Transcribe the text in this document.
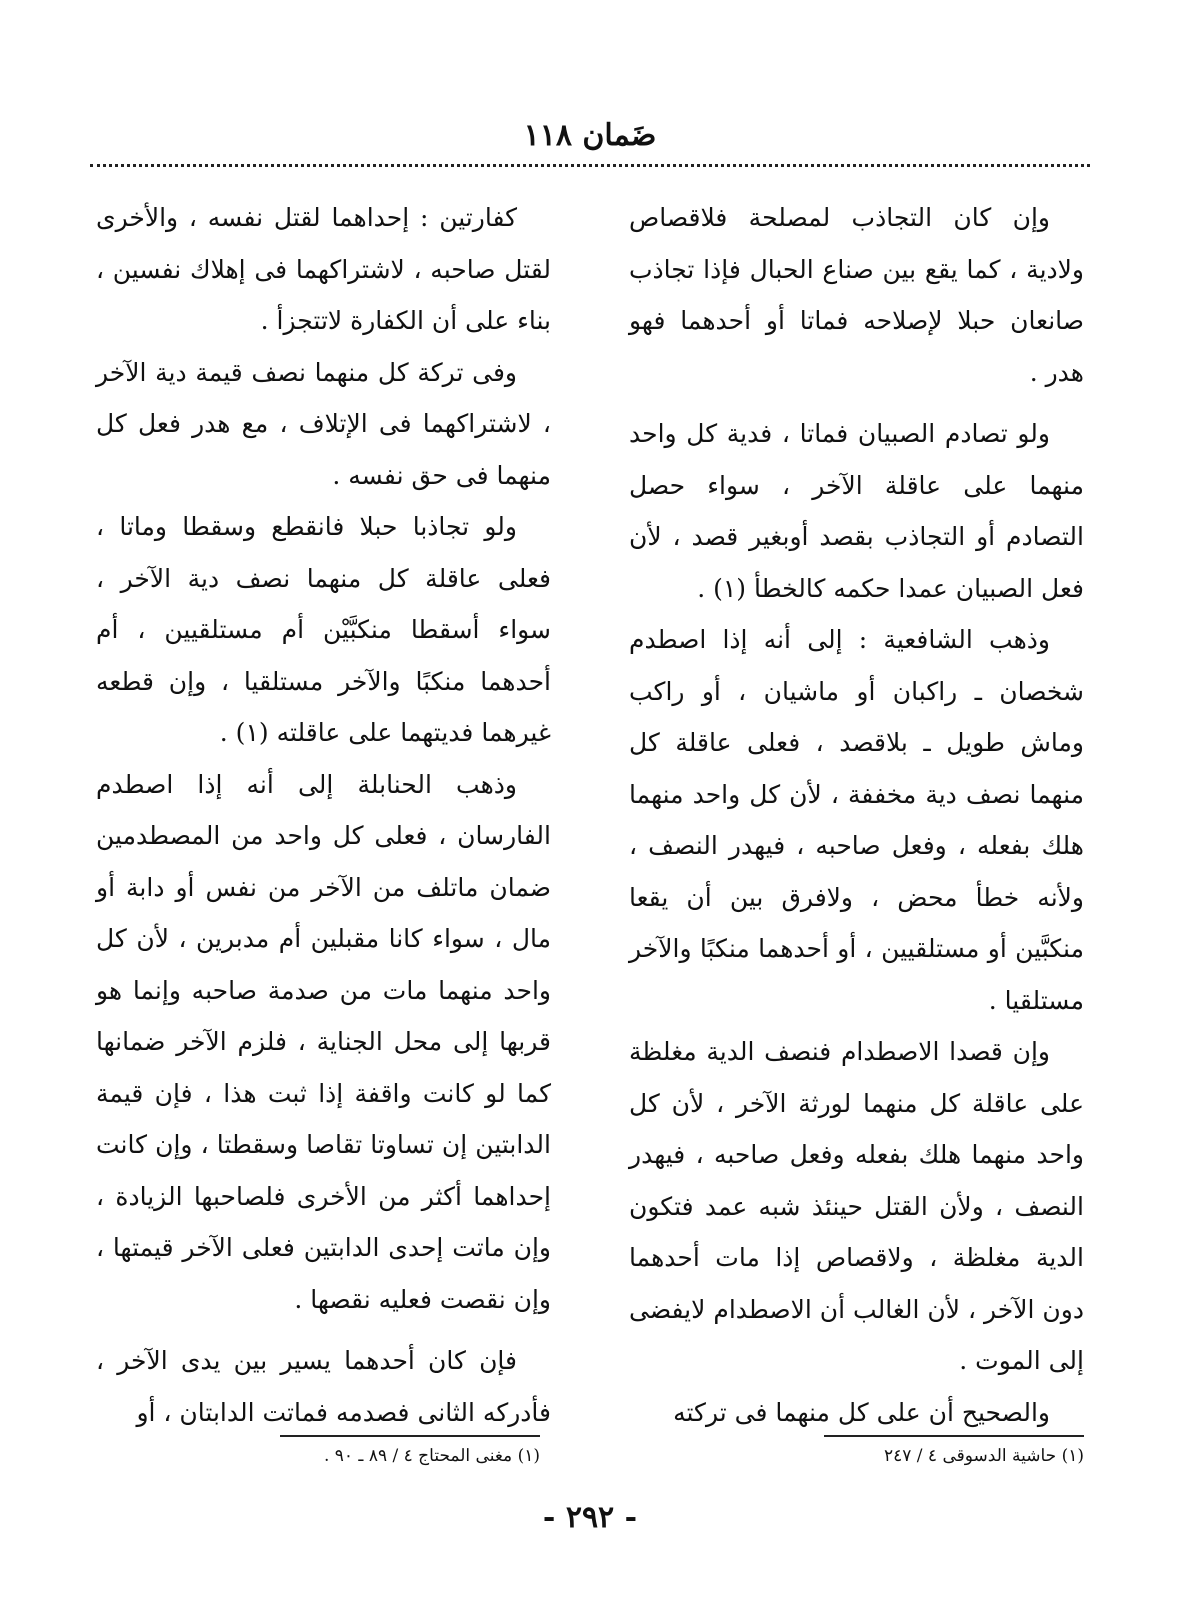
ضَمان ١١٨

وإن كان التجاذب لمصلحة فلاقصاص ولادية ، كما يقع بين صناع الحبال فإذا تجاذب صانعان حبلا لإصلاحه فماتا أو أحدهما فهو هدر .

ولو تصادم الصبيان فماتا ، فدية كل واحد منهما على عاقلة الآخر ، سواء حصل التصادم أو التجاذب بقصد أوبغير قصد ، لأن فعل الصبيان عمدا حكمه كالخطأ (١) .

وذهب الشافعية : إلى أنه إذا اصطدم شخصان ـ راكبان أو ماشيان ، أو راكب وماش طويل ـ بلاقصد ، فعلى عاقلة كل منهما نصف دية مخففة ، لأن كل واحد منهما هلك بفعله ، وفعل صاحبه ، فيهدر النصف ، ولأنه خطأ محض ، ولافرق بين أن يقعا منكبَّين أو مستلقيين ، أو أحدهما منكبًا والآخر مستلقيا .

وإن قصدا الاصطدام فنصف الدية مغلظة على عاقلة كل منهما لورثة الآخر ، لأن كل واحد منهما هلك بفعله وفعل صاحبه ، فيهدر النصف ، ولأن القتل حينئذ شبه عمد فتكون الدية مغلظة ، ولاقصاص إذا مات أحدهما دون الآخر ، لأن الغالب أن الاصطدام لايفضى إلى الموت .

والصحيح أن على كل منهما فى تركته

كفارتين : إحداهما لقتل نفسه ، والأخرى لقتل صاحبه ، لاشتراكهما فى إهلاك نفسين ، بناء على أن الكفارة لاتتجزأ .

وفى تركة كل منهما نصف قيمة دية الآخر ، لاشتراكهما فى الإتلاف ، مع هدر فعل كل منهما فى حق نفسه .

ولو تجاذبا حبلا فانقطع وسقطا وماتا ، فعلى عاقلة كل منهما نصف دية الآخر ، سواء أسقطا منكبَّيْن أم مستلقيين ، أم أحدهما منكبًا والآخر مستلقيا ، وإن قطعه غيرهما فديتهما على عاقلته (١) .

وذهب الحنابلة إلى أنه إذا اصطدم الفارسان ، فعلى كل واحد من المصطدمين ضمان ماتلف من الآخر من نفس أو دابة أو مال ، سواء كانا مقبلين أم مدبرين ، لأن كل واحد منهما مات من صدمة صاحبه وإنما هو قربها إلى محل الجناية ، فلزم الآخر ضمانها كما لو كانت واقفة إذا ثبت هذا ، فإن قيمة الدابتين إن تساوتا تقاصا وسقطتا ، وإن كانت إحداهما أكثر من الأخرى فلصاحبها الزيادة ، وإن ماتت إحدى الدابتين فعلى الآخر قيمتها ، وإن نقصت فعليه نقصها .

فإن كان أحدهما يسير بين يدى الآخر ، فأدركه الثانى فصدمه فماتت الدابتان ، أو

(١) حاشية الدسوقى ٤ / ٢٤٧
(١) مغنى المحتاج ٤ / ٨٩ ـ ٩٠ .
- ٢٩٢ -
